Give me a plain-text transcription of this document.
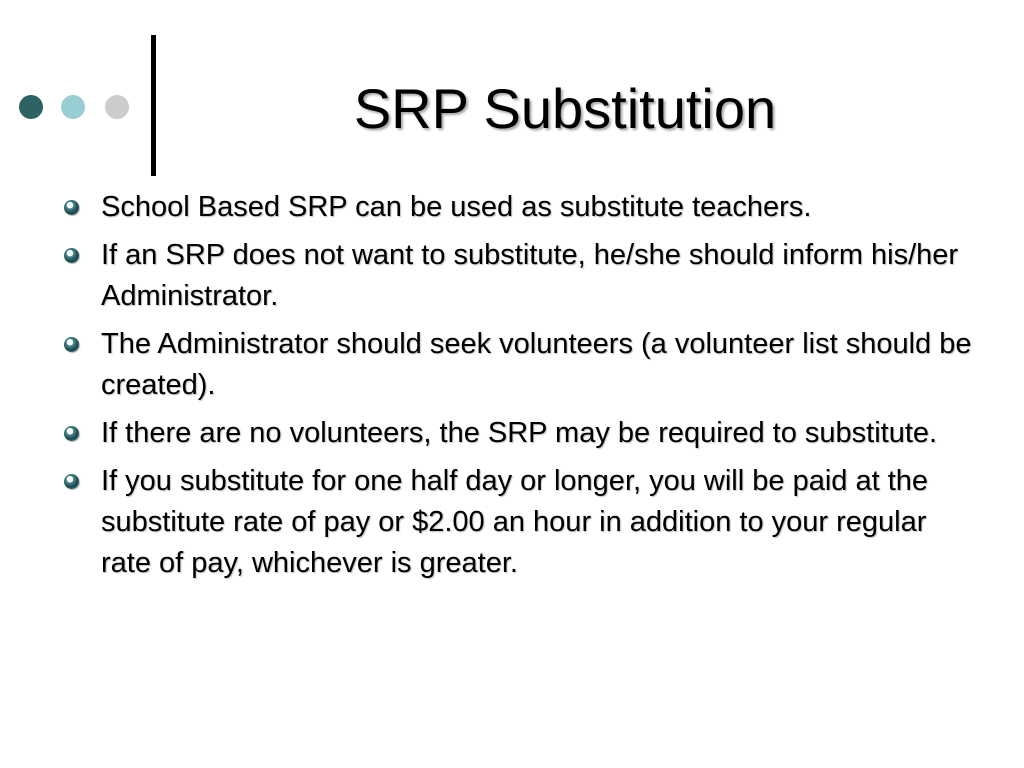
SRP Substitution
School Based SRP can be used as substitute teachers.
If an SRP does not want to substitute, he/she should inform his/her Administrator.
The Administrator should seek volunteers (a volunteer list should be created).
If there are no volunteers, the SRP may be required to substitute.
If you substitute for one half day or longer, you will be paid at the substitute rate of pay or $2.00 an hour in addition to your regular rate of pay, whichever is greater.
